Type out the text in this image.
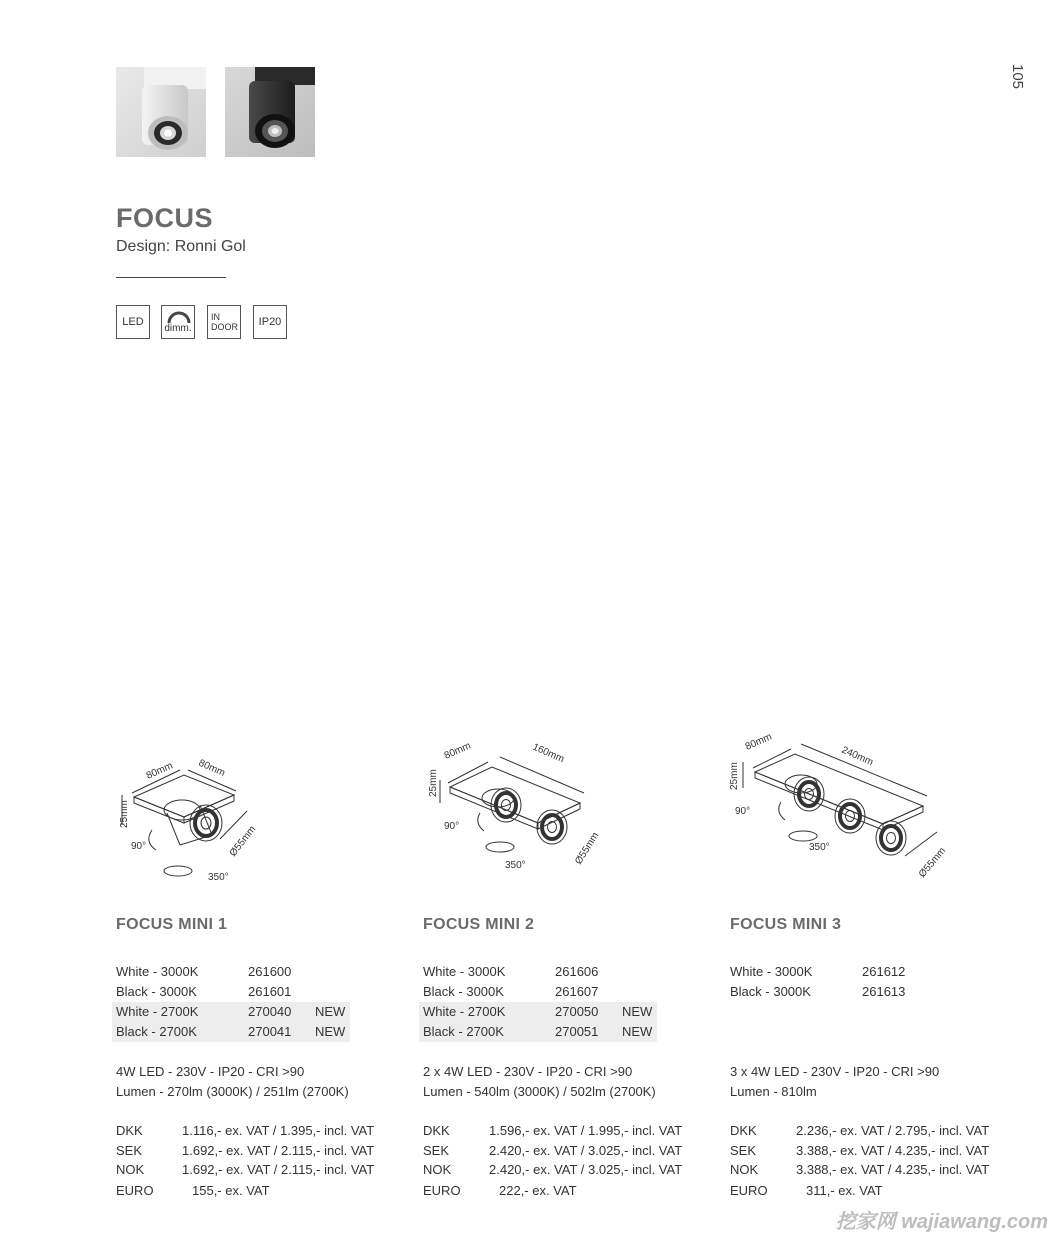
105
FOCUS
Design: Ronni Gol
LED
dimm.
IN
DOOR IP20
80mm 80mm
25mm
Ø55mm
90°
350°
80mm	160mm
25mm
Ø55mm
90°
350°
80mm
240mm
25mm
Ø55mm
90°
350°
FOCUS MINI 1
White - 3000K	261600
Black - 3000K	261601
White - 2700K	270040 NEW
Black - 2700K	270041 NEW
4W LED - 230V - IP20 - CRI >90
Lumen - 270lm (3000K) / 251lm (2700K)
DKK	1.116,- ex. VAT / 1.395,- incl. VAT
SEK	1.692,- ex. VAT / 2.115,- incl. VAT
NOK	1.692,- ex. VAT / 2.115,- incl. VAT
EURO	155,- ex. VAT
FOCUS MINI 2
White - 3000K	261606
Black - 3000K	261607
White - 2700K	270050 NEW
Black - 2700K	270051 NEW
2 x 4W LED - 230V - IP20 - CRI >90
Lumen - 540lm (3000K) / 502lm (2700K)
DKK	1.596,- ex. VAT / 1.995,- incl. VAT
SEK	2.420,- ex. VAT / 3.025,- incl. VAT
NOK	2.420,- ex. VAT / 3.025,- incl. VAT
EURO	222,- ex. VAT
FOCUS MINI 3
White - 3000K	261612
Black - 3000K	261613
3 x 4W LED - 230V - IP20 - CRI >90
Lumen - 810lm
DKK	2.236,- ex. VAT / 2.795,- incl. VAT
SEK	3.388,- ex. VAT / 4.235,- incl. VAT
NOK	3.388,- ex. VAT / 4.235,- incl. VAT
EURO	311,- ex. VAT
挖家网 wajiawang.com
